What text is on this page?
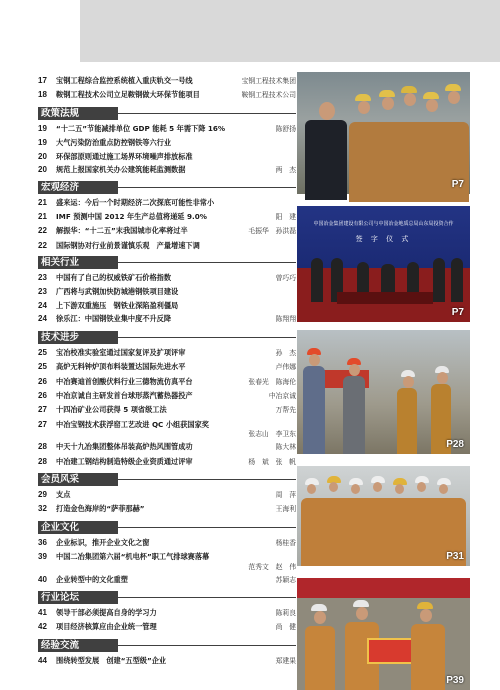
17	宝钢工程综合监控系统植入重庆轨交一号线	宝钢工程技术集团
18	鞍钢工程技术公司立足鞍钢做大环保节能项目	鞍钢工程技术公司
政策法规
19	“十二五”节能减排单位 GDP 能耗 5 年需下降 16%	陈舒扬
19	大气污染防治重点防控钢铁等六行业
20	环保部原则通过施工场界环境噪声排放标准
20	规范上报国家机关办公建筑能耗监测数据	两　杰
宏观经济
21	盛来运：今后一个时期经济二次探底可能性非常小
21	IMF 预测中国 2012 年生产总值将递延 9.0%	阳　建
22	解振华：“十二五”末我国城市化率将过半	毛振华　孙洪磊
22	国际钢协对行业前景谨慎乐观　产量增速下调
相关行业
23	中国有了自己的权威铁矿石价格指数	曾巧巧
23	广西将与武钢加快防城港钢铁项目建设
24	上下游双重施压　钢铁业深陷盈利僵局
24	徐乐江：中国钢铁业集中度不升反降	陈翔翔
技术进步
25	宝冶校准实验室通过国家复评及扩项评审	孙　杰
25	高炉无料钟炉顶布料装置达国际先进水平	卢伟娜
26	中冶赛迪首创酸伏料行业三德物流仿真平台	张春光　陈海伦
26	中冶京诚自主研发首台球形蒸汽蓄热器投产	中冶京诚
27	十四冶矿业公司获得 5 项省级工法	万帮先
27	中冶宝钢技术获浮窑工艺改进 QC 小组获国家奖
张志山　李卫东
28	中天十九冶集团整体吊装高炉热风围管成功	陈大林
28	中冶建工钢结构制造特级企业资质通过评审	杨　斌　张　帆
会员风采
29	支点	周　萍
32	打造金色海岸的“萨菲那赫”	王海利
企业文化
36	企业标识，推开企业文化之窗	杨桂香
39	中国二冶集团第六届“机电杯”职工气排球赛落幕
范秀文　赵　伟
40	企业转型中的文化重塑	苏颖志
行业论坛
41	领导干部必须提高自身的学习力	陈莉良
42	项目经济核算应由企业统一管理	尚　健
经验交流
44	围绕转型发展　创建“五型级”企业	郑建果
P7
中国冶金集团建设有限公司与中国冶金地质总局山东局投资合作
签 字 仪 式
P7
P28
P31
P39
